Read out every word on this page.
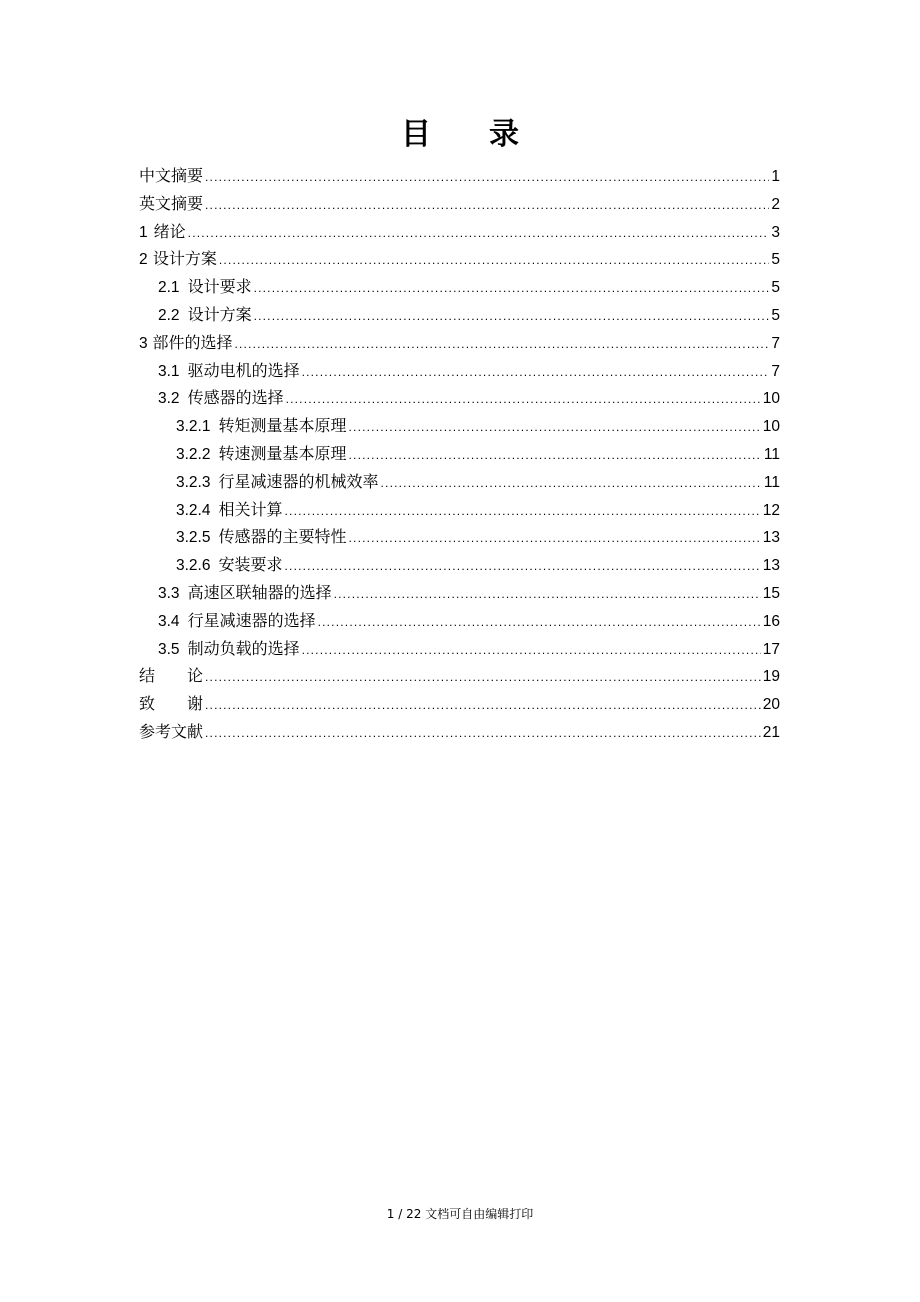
目录
中文摘要 .....	1
英文摘要 .....	2
1 绪论 .....	3
2 设计方案 .....	5
2.1 设计要求 .....	5
2.2 设计方案 .....	5
3 部件的选择 .....	7
3.1 驱动电机的选择 .....	7
3.2 传感器的选择 .....	10
3.2.1 转矩测量基本原理 .....	10
3.2.2 转速测量基本原理 .....	11
3.2.3 行星减速器的机械效率 .....	11
3.2.4 相关计算 .....	12
3.2.5 传感器的主要特性 .....	13
3.2.6 安装要求 .....	13
3.3 高速区联轴器的选择 .....	15
3.4 行星减速器的选择 .....	16
3.5 制动负载的选择 .....	17
结　　论 .....	19
致　　谢 .....	20
参考文献 .....	21
1 / 22 文档可自由编辑打印
